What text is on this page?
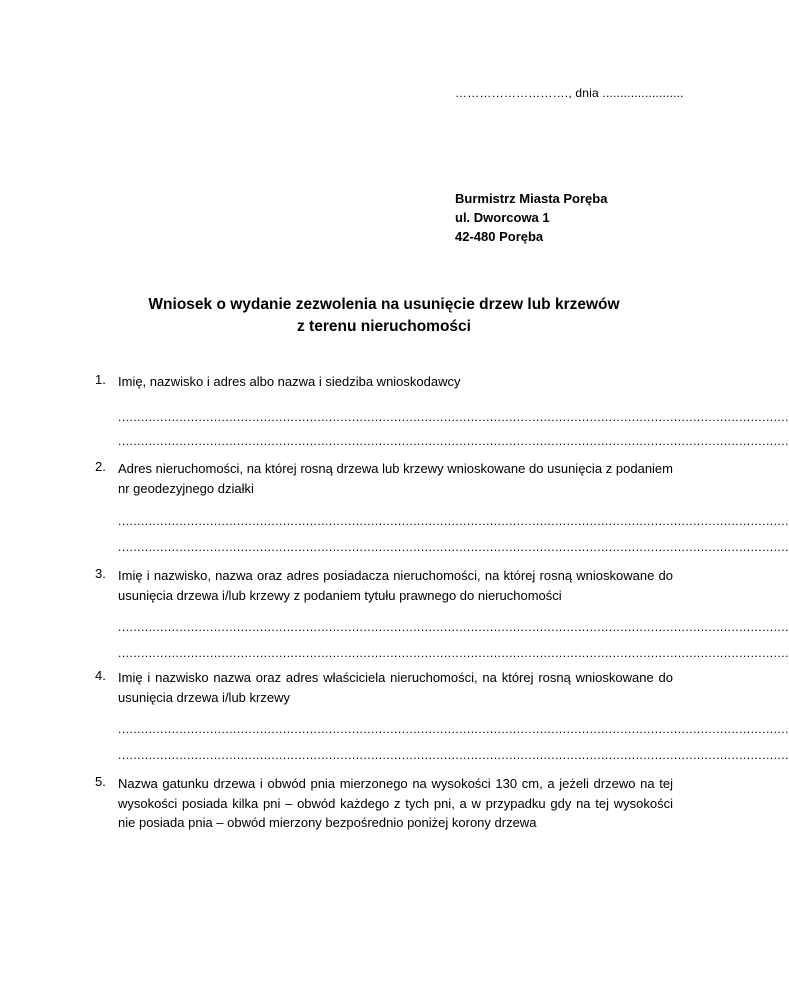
………………………., dnia .......................
Burmistrz Miasta Poręba
ul. Dworcowa 1
42-480 Poręba
Wniosek o wydanie zezwolenia na usunięcie drzew lub krzewów
z terenu nieruchomości
1. Imię, nazwisko i adres albo nazwa i siedziba wnioskodawcy
...............................................................................................................................................................................
...............................................................................................................................................................................
2. Adres nieruchomości, na której rosną drzewa lub krzewy wnioskowane do usunięcia z podaniem nr geodezyjnego działki
...............................................................................................................................................................................
...............................................................................................................................................................................
3. Imię i nazwisko, nazwa oraz adres posiadacza nieruchomości, na której rosną wnioskowane do usunięcia drzewa i/lub krzewy z podaniem tytułu prawnego do nieruchomości
...............................................................................................................................................................................
...............................................................................................................................................................................
4. Imię i nazwisko nazwa oraz adres właściciela nieruchomości, na której rosną wnioskowane do usunięcia drzewa i/lub krzewy
...............................................................................................................................................................................
...............................................................................................................................................................................
5. Nazwa gatunku drzewa i obwód pnia mierzonego na wysokości 130 cm, a jeżeli drzewo na tej wysokości posiada kilka pni – obwód każdego z tych pni, a w przypadku gdy na tej wysokości nie posiada pnia – obwód mierzony bezpośrednio poniżej korony drzewa
